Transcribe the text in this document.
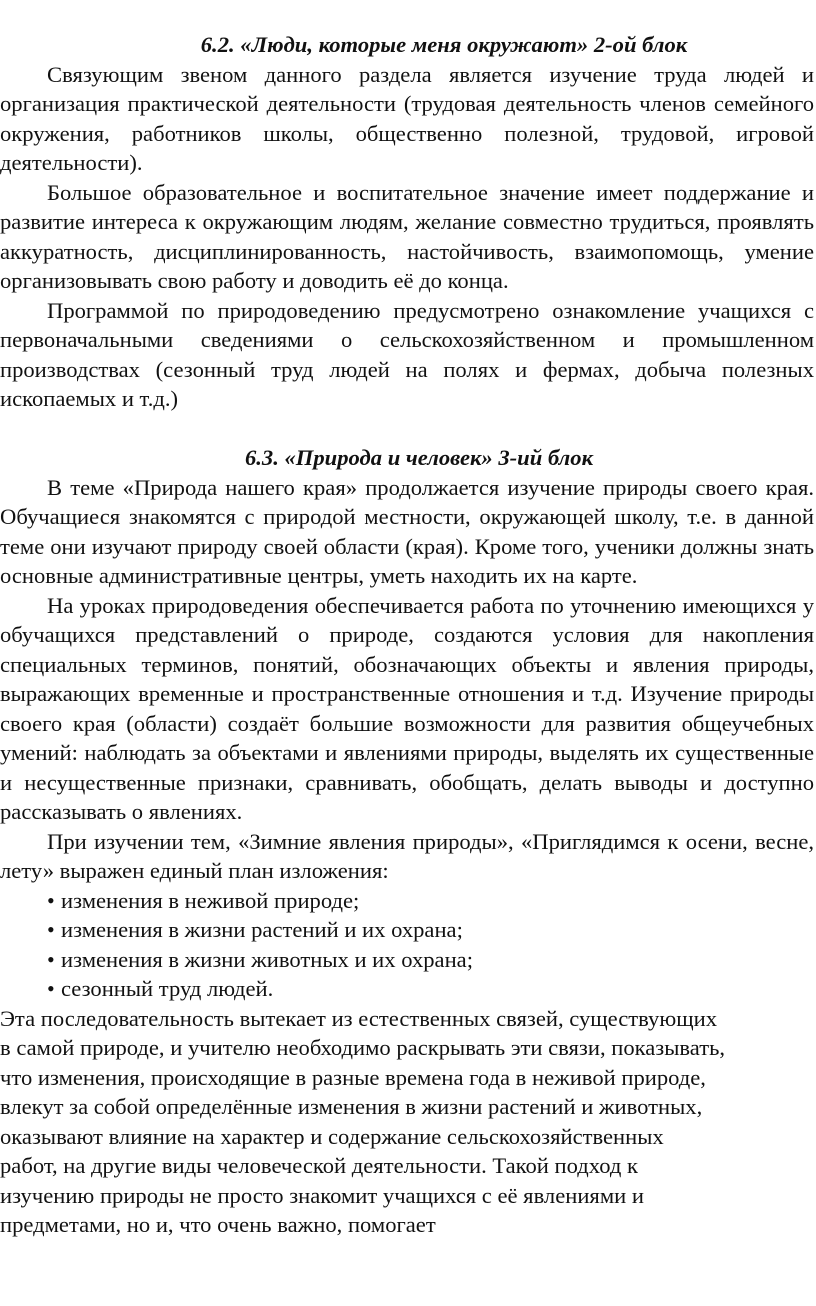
6.2. «Люди, которые меня окружают» 2-ой блок

Связующим звеном данного раздела является изучение труда людей и организация практической деятельности (трудовая деятельность членов семейного окружения, работников школы, общественно полезной, трудовой, игровой деятельности).

Большое образовательное и воспитательное значение имеет поддержание и развитие интереса к окружающим людям, желание совместно трудиться, проявлять аккуратность, дисциплинированность, настойчивость, взаимопомощь, умение организовывать свою работу и доводить её до конца.

Программой по природоведению предусмотрено ознакомление учащихся с первоначальными сведениями о сельскохозяйственном и промышленном производствах (сезонный труд людей на полях и фермах, добыча полезных ископаемых и т.д.)

6.3. «Природа и человек» 3-ий блок

В теме «Природа нашего края» продолжается изучение природы своего края. Обучащиеся знакомятся с природой местности, окружающей школу, т.е. в данной теме они изучают природу своей области (края). Кроме того, ученики должны знать основные административные центры, уметь находить их на карте.

На уроках природоведения обеспечивается работа по уточнению имеющихся у обучащихся представлений о природе, создаются условия для накопления специальных терминов, понятий, обозначающих объекты и явления природы, выражающих временные и пространственные отношения и т.д. Изучение природы своего края (области) создаёт большие возможности для развития общеучебных умений: наблюдать за объектами и явлениями природы, выделять их существенные и несущественные признаки, сравнивать, обобщать, делать выводы и доступно рассказывать о явлениях.

При изучении тем, «Зимние явления природы», «Приглядимся к осени, весне, лету» выражен единый план изложения:

• изменения в неживой природе;
• изменения в жизни растений и их охрана;
• изменения в жизни животных и их охрана;
• сезонный труд людей.
Эта последовательность вытекает из естественных связей, существующих
в самой природе, и учителю необходимо раскрывать эти связи, показывать,
что изменения, происходящие в разные времена года в неживой природе,
влекут за собой определённые изменения в жизни растений и животных,
оказывают влияние на характер и содержание сельскохозяйственных
работ, на другие виды человеческой деятельности. Такой подход к
изучению природы не просто знакомит учащихся с её явлениями и
предметами, но и, что очень важно, помогает
